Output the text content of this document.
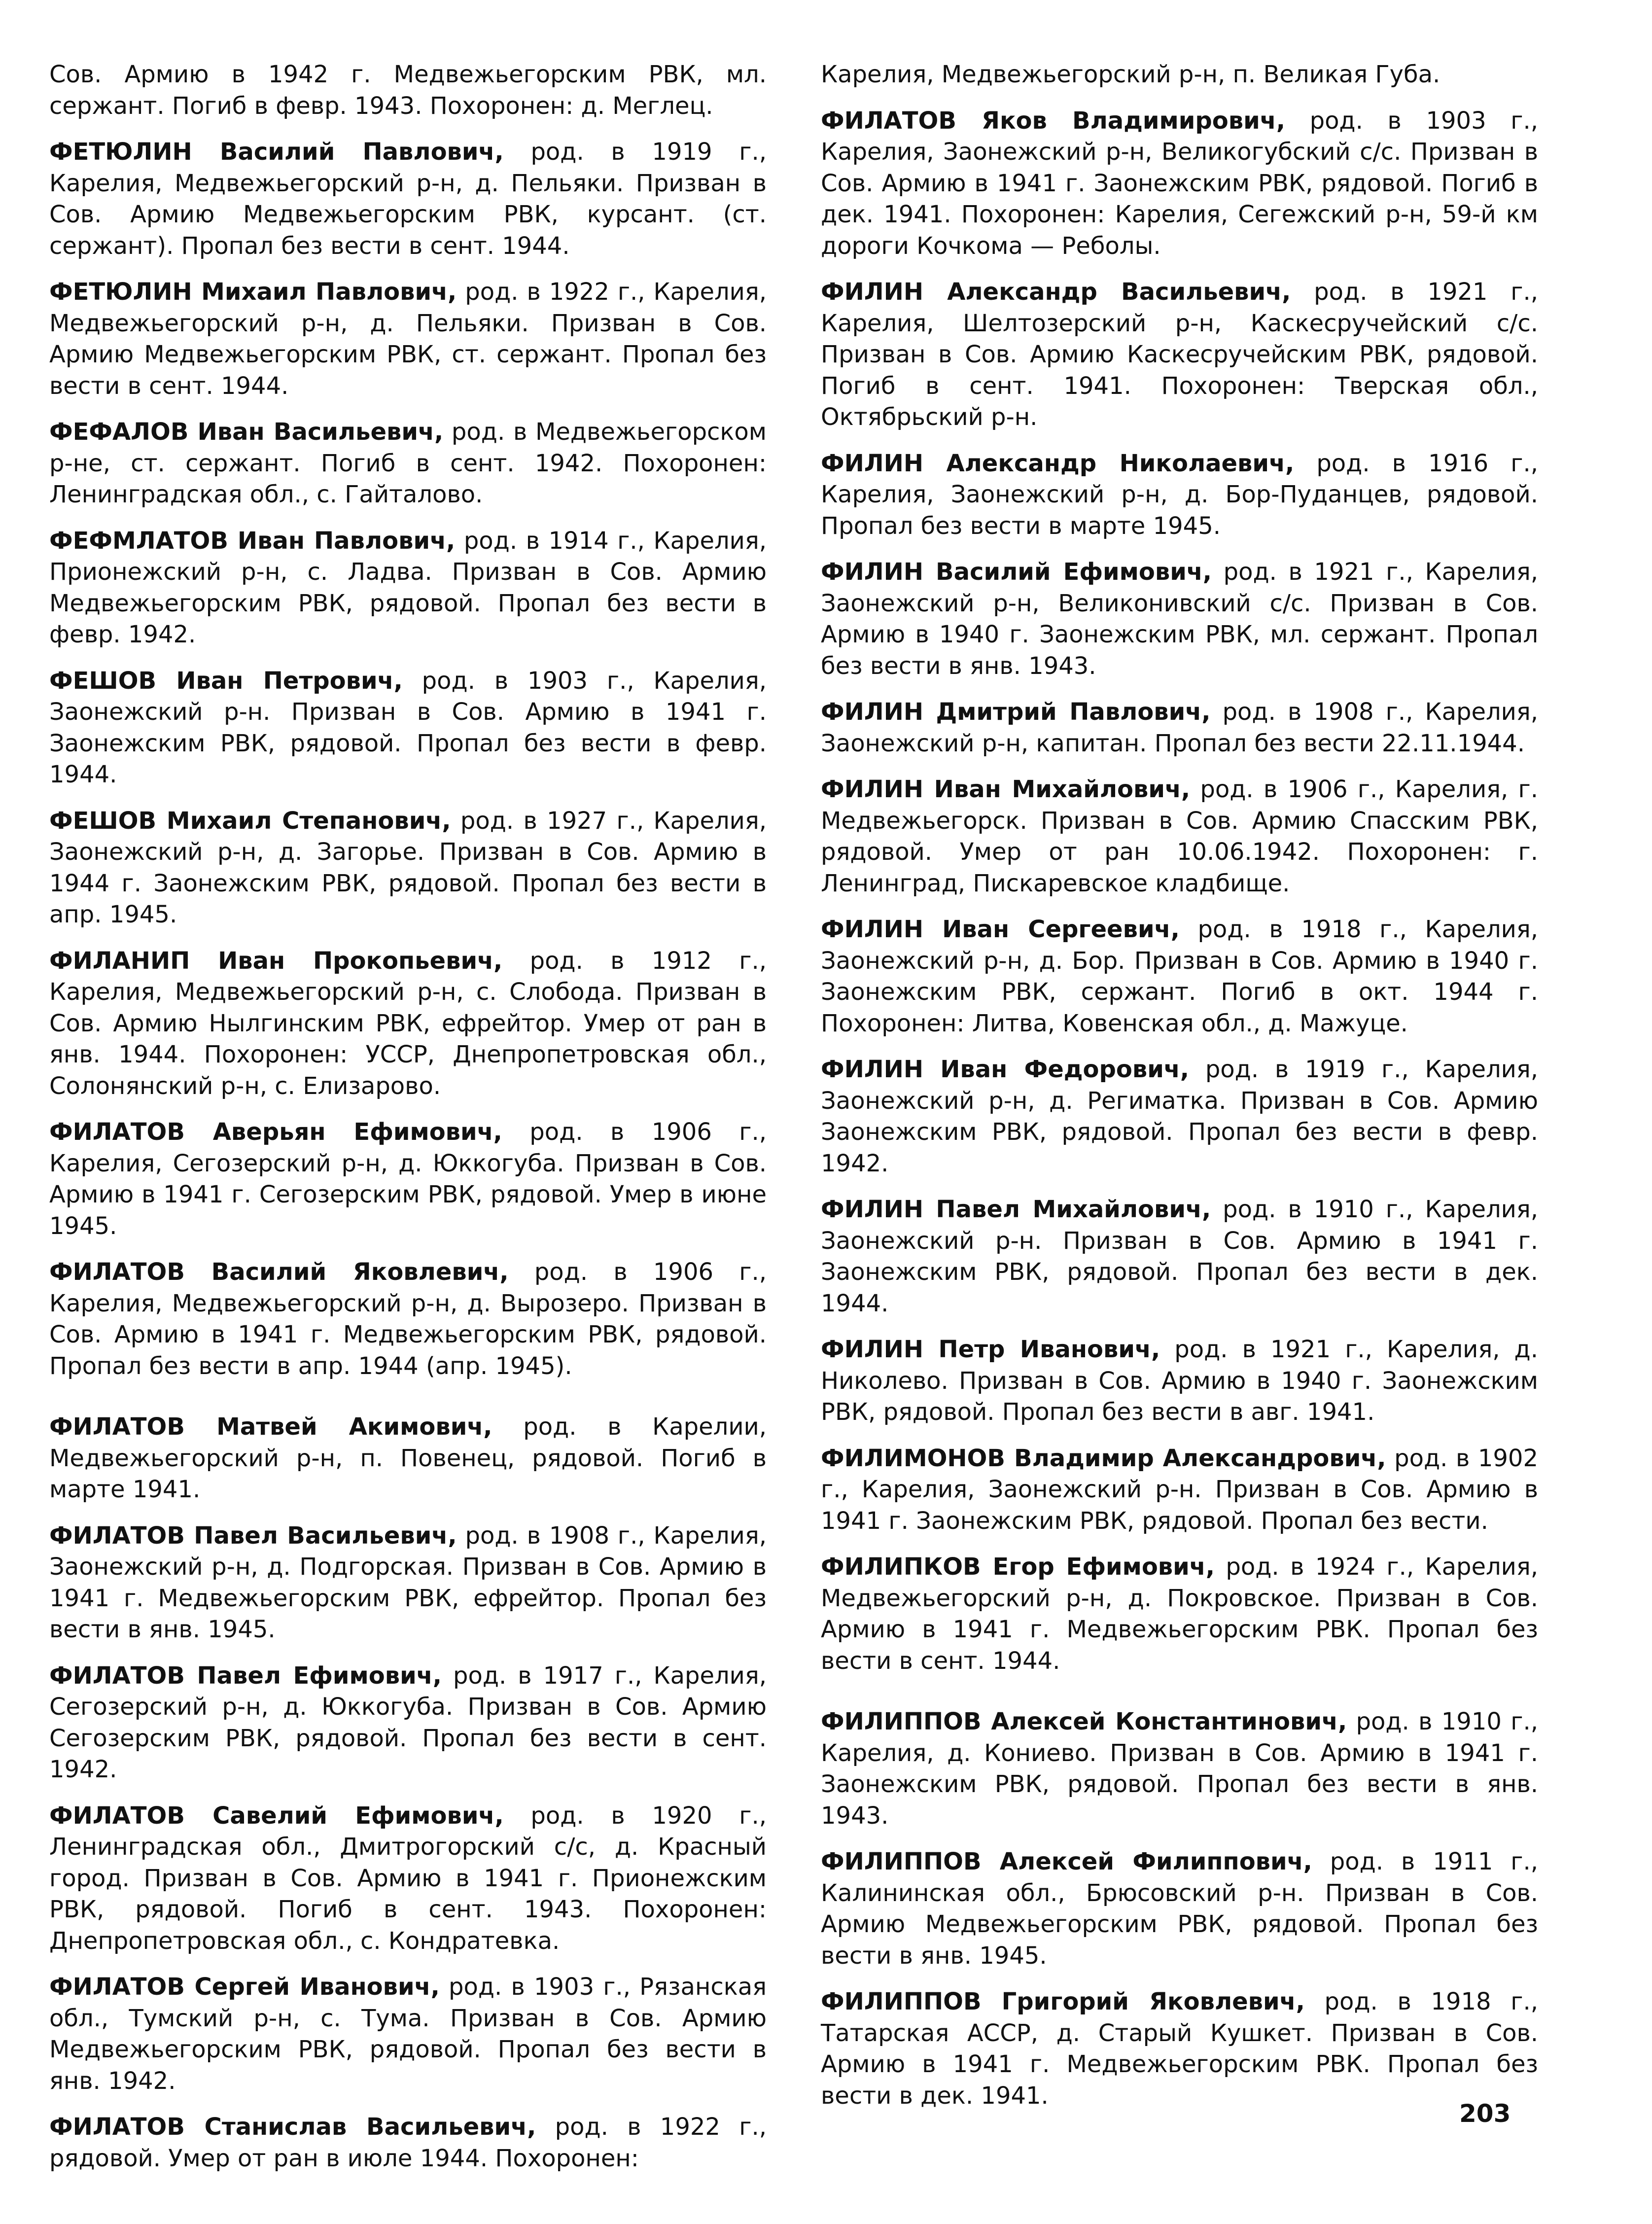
Сов. Армию в 1942 г. Медвежьегорским РВК, мл. сержант. Погиб в февр. 1943. Похоронен: д. Меглец.

ФЕТЮЛИН Василий Павлович, род. в 1919 г., Карелия, Медвежьегорский р-н, д. Пельяки. Призван в Сов. Армию Медвежьегорским РВК, курсант. (ст. сержант). Пропал без вести в сент. 1944.

ФЕТЮЛИН Михаил Павлович, род. в 1922 г., Карелия, Медвежьегорский р-н, д. Пельяки. Призван в Сов. Армию Медвежьегорским РВК, ст. сержант. Пропал без вести в сент. 1944.

ФЕФАЛОВ Иван Васильевич, род. в Медвежьегорском р-не, ст. сержант. Погиб в сент. 1942. Похоронен: Ленинградская обл., с. Гайталово.

ФЕФМЛАТОВ Иван Павлович, род. в 1914 г., Карелия, Прионежский р-н, с. Ладва. Призван в Сов. Армию Медвежьегорским РВК, рядовой. Пропал без вести в февр. 1942.

ФЕШОВ Иван Петрович, род. в 1903 г., Карелия, Заонежский р-н. Призван в Сов. Армию в 1941 г. Заонежским РВК, рядовой. Пропал без вести в февр. 1944.

ФЕШОВ Михаил Степанович, род. в 1927 г., Карелия, Заонежский р-н, д. Загорье. Призван в Сов. Армию в 1944 г. Заонежским РВК, рядовой. Пропал без вести в апр. 1945.

ФИЛАНИП Иван Прокопьевич, род. в 1912 г., Карелия, Медвежьегорский р-н, с. Слобода. Призван в Сов. Армию Нылгинским РВК, ефрейтор. Умер от ран в янв. 1944. Похоронен: УССР, Днепропетровская обл., Солонянский р-н, с. Елизарово.

ФИЛАТОВ Аверьян Ефимович, род. в 1906 г., Карелия, Сегозерский р-н, д. Юккогуба. Призван в Сов. Армию в 1941 г. Сегозерским РВК, рядовой. Умер в июне 1945.

ФИЛАТОВ Василий Яковлевич, род. в 1906 г., Карелия, Медвежьегорский р-н, д. Вырозеро. Призван в Сов. Армию в 1941 г. Медвежьегорским РВК, рядовой. Пропал без вести в апр. 1944 (апр. 1945).

ФИЛАТОВ Матвей Акимович, род. в Карелии, Медвежьегорский р-н, п. Повенец, рядовой. Погиб в марте 1941.

ФИЛАТОВ Павел Васильевич, род. в 1908 г., Карелия, Заонежский р-н, д. Подгорская. Призван в Сов. Армию в 1941 г. Медвежьегорским РВК, ефрейтор. Пропал без вести в янв. 1945.

ФИЛАТОВ Павел Ефимович, род. в 1917 г., Карелия, Сегозерский р-н, д. Юккогуба. Призван в Сов. Армию Сегозерским РВК, рядовой. Пропал без вести в сент. 1942.

ФИЛАТОВ Савелий Ефимович, род. в 1920 г., Ленинградская обл., Дмитрогорский с/с, д. Красный город. Призван в Сов. Армию в 1941 г. Прионежским РВК, рядовой. Погиб в сент. 1943. Похоронен: Днепропетровская обл., с. Кондратевка.

ФИЛАТОВ Сергей Иванович, род. в 1903 г., Рязанская обл., Тумский р-н, с. Тума. Призван в Сов. Армию Медвежьегорским РВК, рядовой. Пропал без вести в янв. 1942.

ФИЛАТОВ Станислав Васильевич, род. в 1922 г., рядовой. Умер от ран в июле 1944. Похоронен:

Карелия, Медвежьегорский р-н, п. Великая Губа.

ФИЛАТОВ Яков Владимирович, род. в 1903 г., Карелия, Заонежский р-н, Великогубский с/с. Призван в Сов. Армию в 1941 г. Заонежским РВК, рядовой. Погиб в дек. 1941. Похоронен: Карелия, Сегежский р-н, 59-й км дороги Кочкома — Реболы.

ФИЛИН Александр Васильевич, род. в 1921 г., Карелия, Шелтозерский р-н, Каскесручейский с/с. Призван в Сов. Армию Каскесручейским РВК, рядовой. Погиб в сент. 1941. Похоронен: Тверская обл., Октябрьский р-н.

ФИЛИН Александр Николаевич, род. в 1916 г., Карелия, Заонежский р-н, д. Бор-Пуданцев, рядовой. Пропал без вести в марте 1945.

ФИЛИН Василий Ефимович, род. в 1921 г., Карелия, Заонежский р-н, Великонивский с/с. Призван в Сов. Армию в 1940 г. Заонежским РВК, мл. сержант. Пропал без вести в янв. 1943.

ФИЛИН Дмитрий Павлович, род. в 1908 г., Карелия, Заонежский р-н, капитан. Пропал без вести 22.11.1944.

ФИЛИН Иван Михайлович, род. в 1906 г., Карелия, г. Медвежьегорск. Призван в Сов. Армию Спасским РВК, рядовой. Умер от ран 10.06.1942. Похоронен: г. Ленинград, Пискаревское кладбище.

ФИЛИН Иван Сергеевич, род. в 1918 г., Карелия, Заонежский р-н, д. Бор. Призван в Сов. Армию в 1940 г. Заонежским РВК, сержант. Погиб в окт. 1944 г. Похоронен: Литва, Ковенская обл., д. Мажуце.

ФИЛИН Иван Федорович, род. в 1919 г., Карелия, Заонежский р-н, д. Региматка. Призван в Сов. Армию Заонежским РВК, рядовой. Пропал без вести в февр. 1942.

ФИЛИН Павел Михайлович, род. в 1910 г., Карелия, Заонежский р-н. Призван в Сов. Армию в 1941 г. Заонежским РВК, рядовой. Пропал без вести в дек. 1944.

ФИЛИН Петр Иванович, род. в 1921 г., Карелия, д. Николево. Призван в Сов. Армию в 1940 г. Заонежским РВК, рядовой. Пропал без вести в авг. 1941.

ФИЛИМОНОВ Владимир Александрович, род. в 1902 г., Карелия, Заонежский р-н. Призван в Сов. Армию в 1941 г. Заонежским РВК, рядовой. Пропал без вести.

ФИЛИПКОВ Егор Ефимович, род. в 1924 г., Карелия, Медвежьегорский р-н, д. Покровское. Призван в Сов. Армию в 1941 г. Медвежьегорским РВК. Пропал без вести в сент. 1944.

ФИЛИППОВ Алексей Константинович, род. в 1910 г., Карелия, д. Кониево. Призван в Сов. Армию в 1941 г. Заонежским РВК, рядовой. Пропал без вести в янв. 1943.

ФИЛИППОВ Алексей Филиппович, род. в 1911 г., Калининская обл., Брюсовский р-н. Призван в Сов. Армию Медвежьегорским РВК, рядовой. Пропал без вести в янв. 1945.

ФИЛИППОВ Григорий Яковлевич, род. в 1918 г., Татарская АССР, д. Старый Кушкет. Призван в Сов. Армию в 1941 г. Медвежьегорским РВК. Пропал без вести в дек. 1941.

203
